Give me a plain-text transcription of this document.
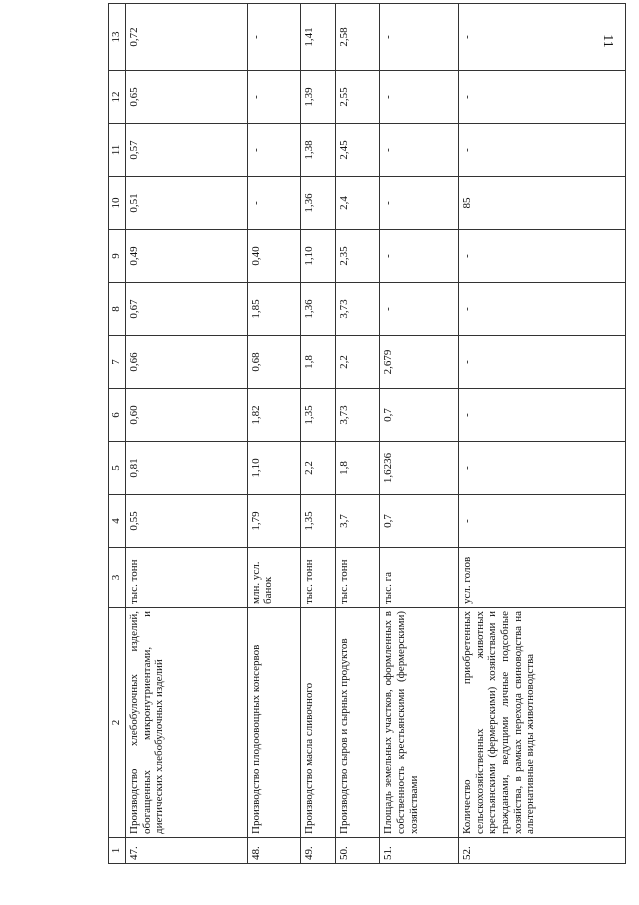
11
1	2	3	4	5	6	7	8	9	10	11	12	13
47.	Производство хлебобулочных изделий, обогащенных микронутриентами, и диетических хлебобулочных изделий	тыс. тонн	0,55	0,81	0,60	0,66	0,67	0,49	0,51	0,57	0,65	0,72
48.	Производство плодоовощных консервов	млн. усл. банок	1,79	1,10	1,82	0,68	1,85	0,40	-	-	-	-
49.	Производство масла сливочного	тыс. тонн	1,35	2,2	1,35	1,8	1,36	1,10	1,36	1,38	1,39	1,41
50.	Производство сыров и сырных продуктов	тыс. тонн	3,7	1,8	3,73	2,2	3,73	2,35	2,4	2,45	2,55	2,58
51.	Площадь земельных участков, оформленных в собственность крестьянскими (фермерскими) хозяйствами	тыс. га	0,7	1,6236	0,7	2,679	-	-	-	-	-	-
52.	Количество приобретенных сельскохозяйственных животных крестьянскими (фермерскими) хозяйствами и гражданами, ведущими личные подсобные хозяйства, в рамках перехода свиноводства на альтернативные виды животноводства	усл. голов	-	-	-	-	-	-	85	-	-	-
